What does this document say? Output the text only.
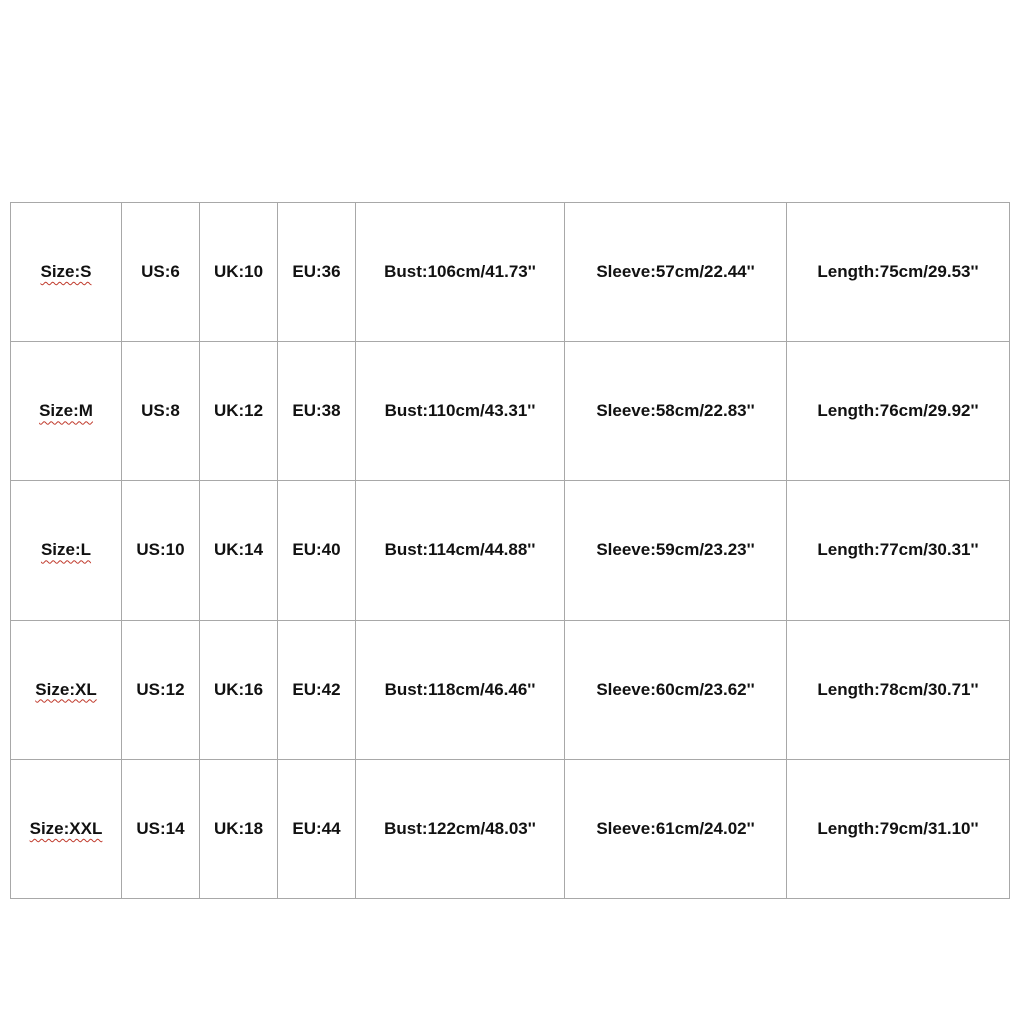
Size:S	US:6	UK:10	EU:36	Bust:106cm/41.73''	Sleeve:57cm/22.44''	Length:75cm/29.53''
Size:M	US:8	UK:12	EU:38	Bust:110cm/43.31''	Sleeve:58cm/22.83''	Length:76cm/29.92''
Size:L	US:10	UK:14	EU:40	Bust:114cm/44.88''	Sleeve:59cm/23.23''	Length:77cm/30.31''
Size:XL	US:12	UK:16	EU:42	Bust:118cm/46.46''	Sleeve:60cm/23.62''	Length:78cm/30.71''
Size:XXL	US:14	UK:18	EU:44	Bust:122cm/48.03''	Sleeve:61cm/24.02''	Length:79cm/31.10''
